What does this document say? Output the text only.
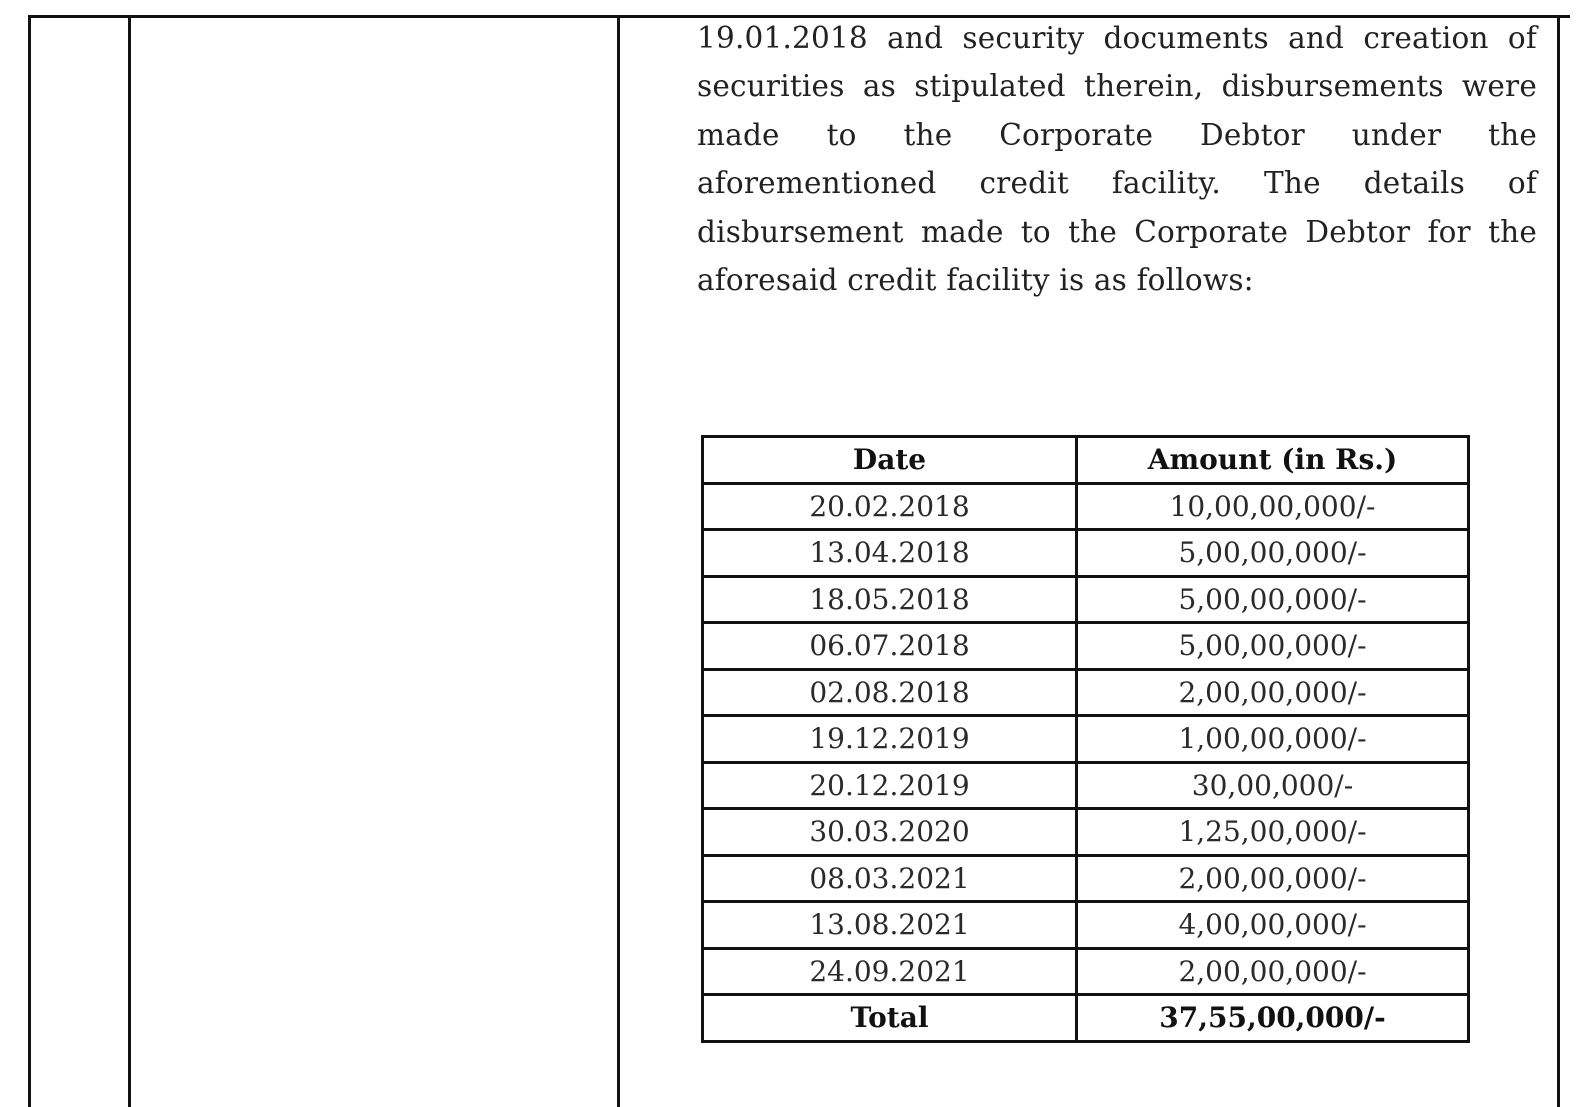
19.01.2018 and security documents and creation of securities as stipulated therein, disbursements were made to the Corporate Debtor under the aforementioned credit facility. The details of disbursement made to the Corporate Debtor for the aforesaid credit facility is as follows:

Date	Amount (in Rs.)
20.02.2018	10,00,00,000/-
13.04.2018	5,00,00,000/-
18.05.2018	5,00,00,000/-
06.07.2018	5,00,00,000/-
02.08.2018	2,00,00,000/-
19.12.2019	1,00,00,000/-
20.12.2019	30,00,000/-
30.03.2020	1,25,00,000/-
08.03.2021	2,00,00,000/-
13.08.2021	4,00,00,000/-
24.09.2021	2,00,00,000/-
Total	37,55,00,000/-
